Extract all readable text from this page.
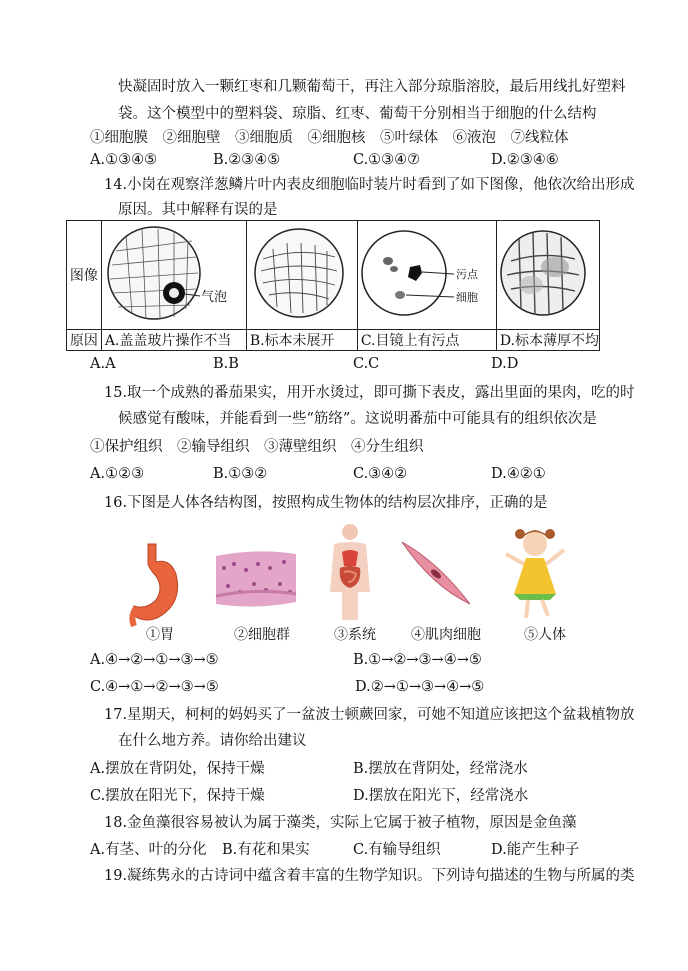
快凝固时放入一颗红枣和几颗葡萄干，再注入部分琼脂溶胶，最后用线扎好塑料
袋。这个模型中的塑料袋、琼脂、红枣、葡萄干分别相当于细胞的什么结构
①细胞膜　②细胞壁　③细胞质　④细胞核　⑤叶绿体　⑥液泡　⑦线粒体
A.①③④⑤	B.②③④⑤	C.①③④⑦	D.②③④⑥
14.小岗在观察洋葱鳞片叶内表皮细胞临时装片时看到了如下图像，他依次给出形成
原因。其中解释有误的是
图像	气泡		污点
细胞

原因	A.盖盖玻片操作不当	B.标本未展开	C.目镜上有污点	D.标本薄厚不均
A.A	B.B	C.C	D.D
15.取一个成熟的番茄果实，用开水烫过，即可撕下表皮，露出里面的果肉，吃的时
候感觉有酸味，并能看到一些“筋络”。这说明番茄中可能具有的组织依次是
①保护组织　②输导组织　③薄壁组织　④分生组织
A.①②③	B.①③②	C.③④②	D.④②①
16.下图是人体各结构图，按照构成生物体的结构层次排序，正确的是
①胃	②细胞群	③系统	④肌肉细胞	⑤人体
A.④→②→①→③→⑤	B.①→②→③→④→⑤
C.④→①→②→③→⑤	D.②→①→③→④→⑤
17.星期天，柯柯的妈妈买了一盆波士顿蕨回家，可她不知道应该把这个盆栽植物放
在什么地方养。请你给出建议
A.摆放在背阴处，保持干燥	B.摆放在背阴处，经常浇水
C.摆放在阳光下，保持干燥	D.摆放在阳光下，经常浇水
18.金鱼藻很容易被认为属于藻类，实际上它属于被子植物，原因是金鱼藻
A.有茎、叶的分化 B.有花和果实	C.有输导组织	D.能产生种子
19.凝练隽永的古诗词中蕴含着丰富的生物学知识。下列诗句描述的生物与所属的类
